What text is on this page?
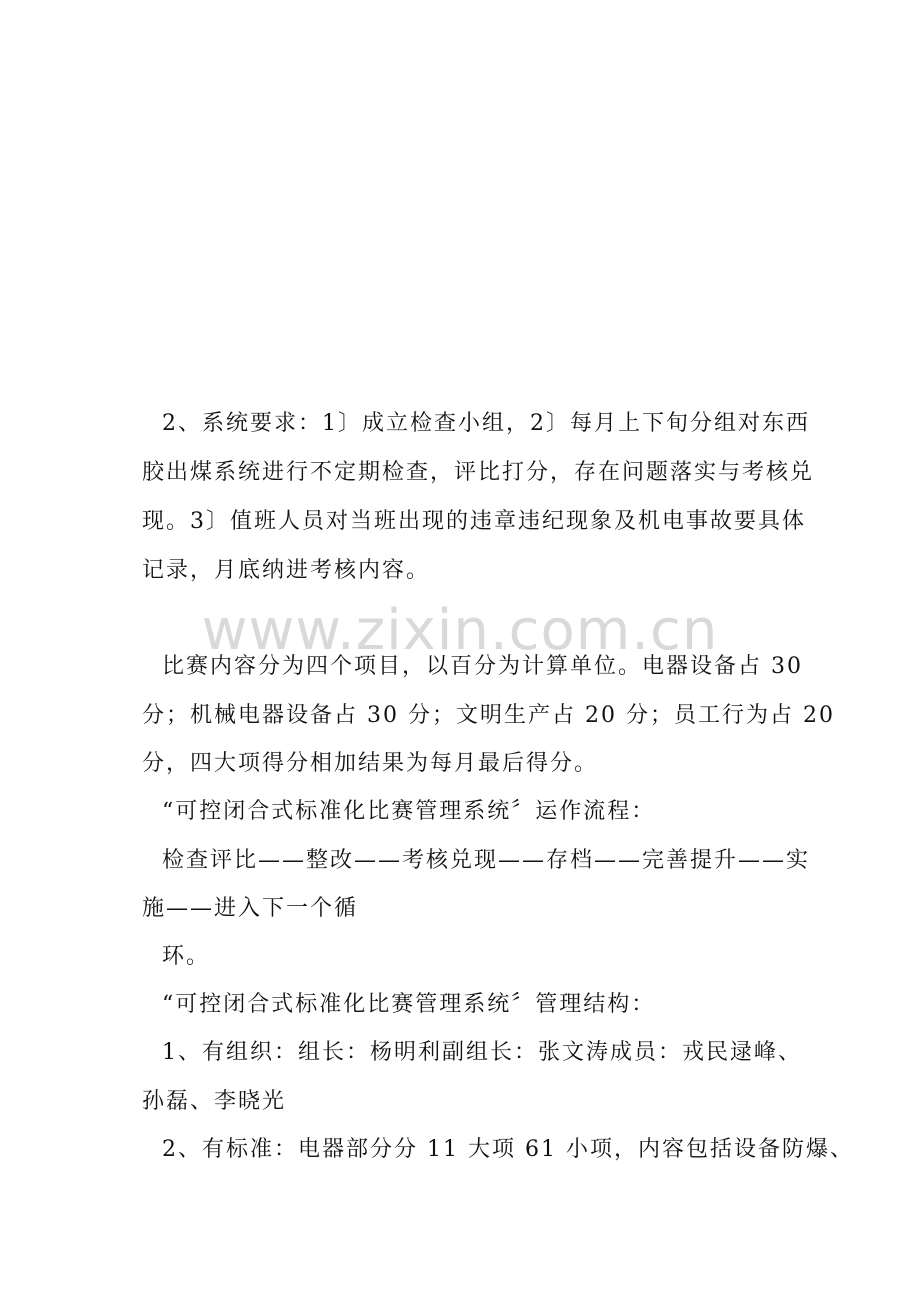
www.zixin.com.cn
2、系统要求：1〕成立检查小组，2〕每月上下旬分组对东西
胶出煤系统进行不定期检查，评比打分，存在问题落实与考核兑
现。3〕值班人员对当班出现的违章违纪现象及机电事故要具体
记录，月底纳进考核内容。
比赛内容分为四个项目，以百分为计算单位。电器设备占 30
分；机械电器设备占 30 分；文明生产占 20 分；员工行为占 20
分，四大项得分相加结果为每月最后得分。
“可控闭合式标准化比赛管理系统〞运作流程：
检查评比——整改——考核兑现——存档——完善提升——实
施——进入下一个循
环。
“可控闭合式标准化比赛管理系统〞管理结构：
1、有组织：组长：杨明利副组长：张文涛成员：戎民逯峰、
孙磊、李晓光
2、有标准：电器部分分 11 大项 61 小项，内容包括设备防爆、
